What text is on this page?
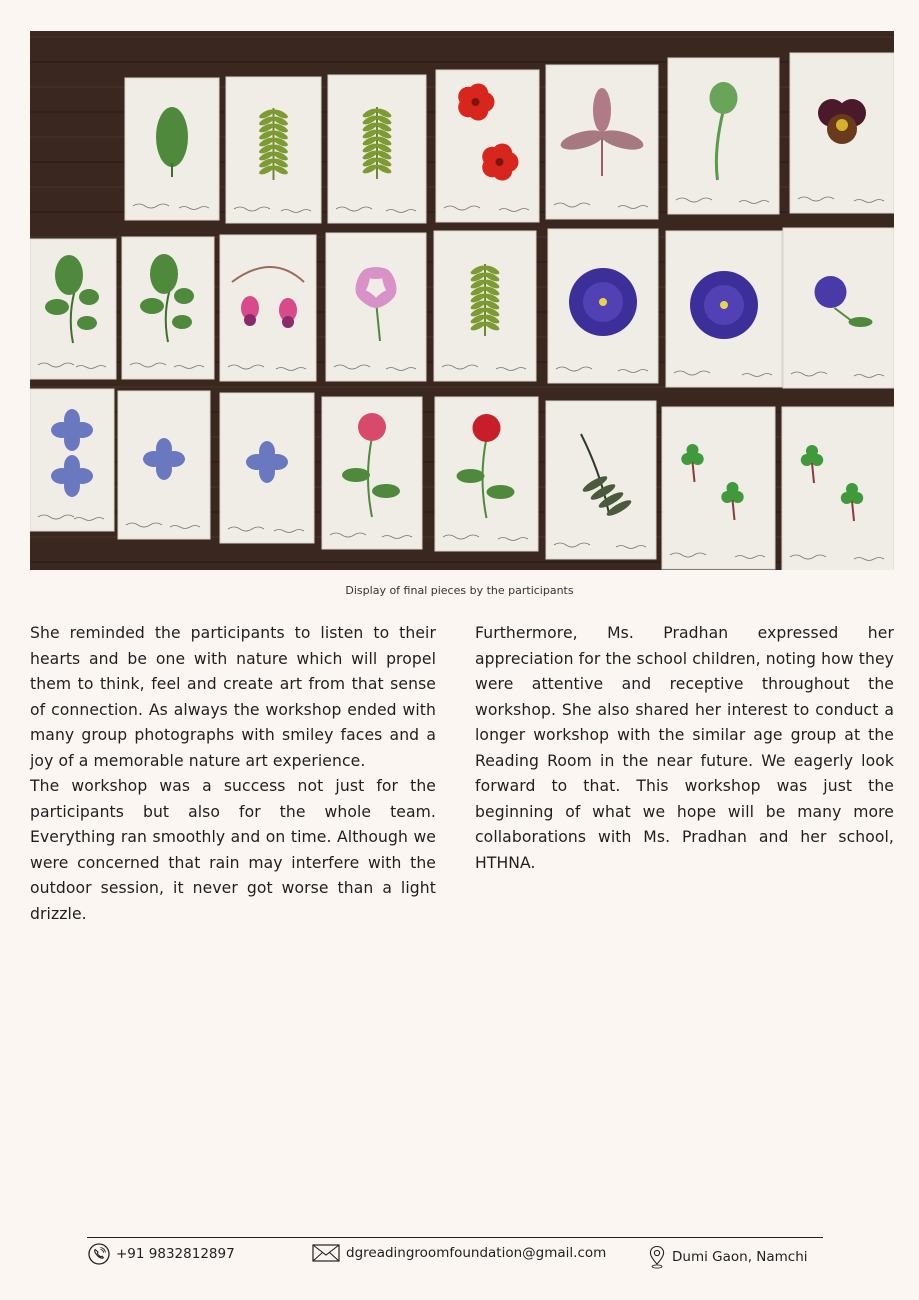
Display of final pieces by the participants

She reminded the participants to listen to their hearts and be one with nature which will propel them to think, feel and create art from that sense of connection. As always the workshop ended with many group photographs with smiley faces and a joy of a memorable nature art experience.

The workshop was a success not just for the participants but also for the whole team. Everything ran smoothly and on time. Although we were concerned that rain may interfere with the outdoor session, it never got worse than a light drizzle.

Furthermore, Ms. Pradhan expressed her appreciation for the school children, noting how they were attentive and receptive throughout the workshop. She also shared her interest to conduct a longer workshop with the similar age group at the Reading Room in the near future. We eagerly look forward to that. This workshop was just the beginning of what we hope will be many more collaborations with Ms. Pradhan and her school, HTHNA.

+91 9832812897	dgreadingroomfoundation@gmail.com	Dumi Gaon, Namchi
